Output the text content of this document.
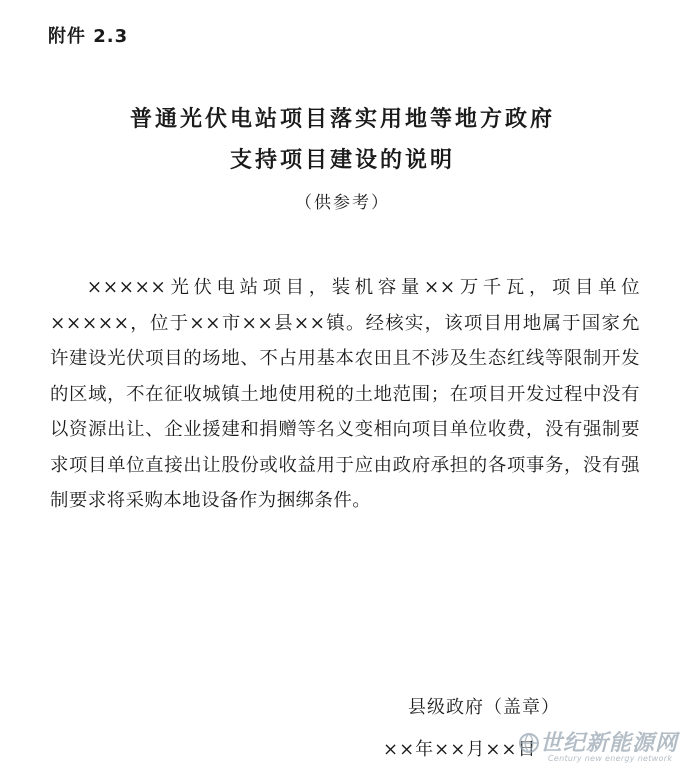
附件 2.3

普通光伏电站项目落实用地等地方政府
支持项目建设的说明

（供参考）

×××××光伏电站项目，装机容量××万千瓦，项目单位×××××，位于××市××县××镇。经核实，该项目用地属于国家允许建设光伏项目的场地、不占用基本农田且不涉及生态红线等限制开发的区域，不在征收城镇土地使用税的土地范围；在项目开发过程中没有以资源出让、企业援建和捐赠等名义变相向项目单位收费，没有强制要求项目单位直接出让股份或收益用于应由政府承担的各项事务，没有强制要求将采购本地设备作为捆绑条件。

县级政府（盖章）

××年××月××日 世纪新能源网
Century new energy network
